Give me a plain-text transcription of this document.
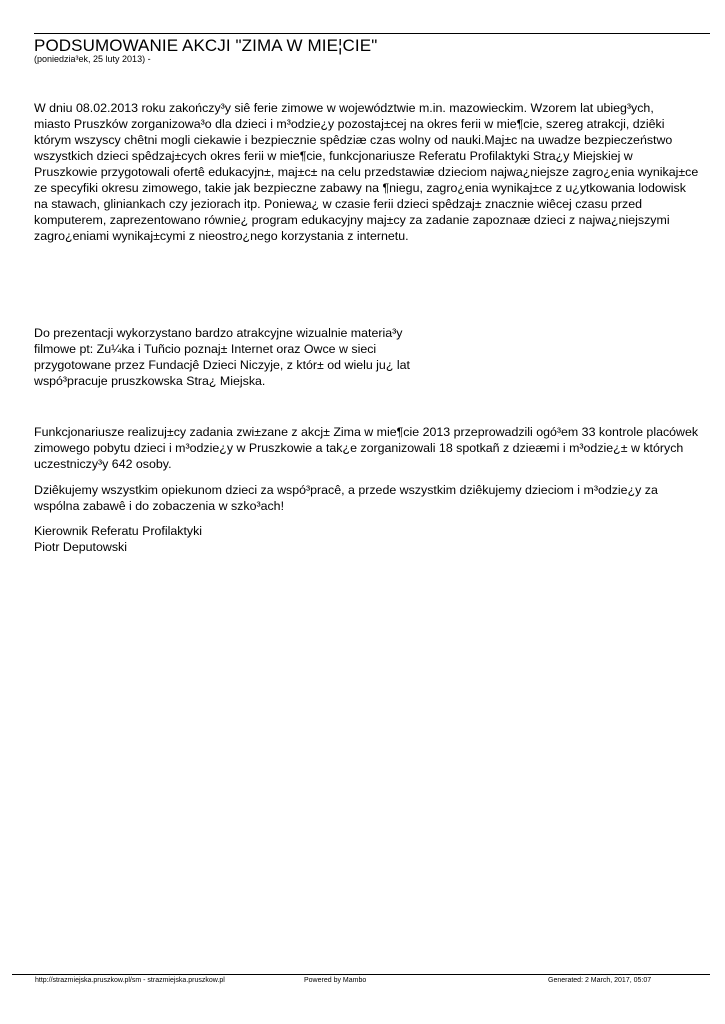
PODSUMOWANIE AKCJI "ZIMA W MIE¦CIE"
(poniedzia³ek, 25 luty 2013) -

W dniu 08.02.2013 roku zakończy³y siê ferie zimowe w województwie m.in. mazowieckim. Wzorem lat ubieg³ych,
miasto Pruszków zorganizowa³o dla dzieci i m³odzie¿y pozostaj±cej na okres ferii w mie¶cie, szereg atrakcji, dziêki
którym wszyscy chêtni mogli ciekawie i bezpiecznie spêdziæ czas wolny od nauki.Maj±c na uwadze bezpieczeństwo
wszystkich dzieci spêdzaj±cych okres ferii w mie¶cie, funkcjonariusze Referatu Profilaktyki Stra¿y Miejskiej w
Pruszkowie przygotowali ofertê edukacyjn±, maj±c± na celu przedstawiæ dzieciom najwa¿niejsze zagro¿enia wynikaj±ce
ze specyfiki okresu zimowego, takie jak bezpieczne zabawy na ¶niegu, zagro¿enia wynikaj±ce z u¿ytkowania lodowisk
na stawach, gliniankach czy jeziorach itp. Poniewa¿ w czasie ferii dzieci spêdzaj± znacznie wiêcej czasu przed
komputerem, zaprezentowano równie¿ program edukacyjny maj±cy za zadanie zapoznaæ dzieci z najwa¿niejszymi
zagro¿eniami wynikaj±cymi z nieostro¿nego korzystania z internetu.

Do prezentacji wykorzystano bardzo atrakcyjne wizualnie materia³y
filmowe pt: Zu¼ka i Tuñcio poznaj± Internet oraz Owce w sieci
przygotowane przez Fundacjê Dzieci Niczyje, z któr± od wielu ju¿ lat
wspó³pracuje pruszkowska Stra¿ Miejska.

Funkcjonariusze realizuj±cy zadania zwi±zane z akcj± Zima w mie¶cie 2013 przeprowadzili ogó³em 33 kontrole placówek
zimowego pobytu dzieci i m³odzie¿y w Pruszkowie a tak¿e zorganizowali 18 spotkañ z dzieæmi i m³odzie¿± w których
uczestniczy³y 642 osoby.

Dziêkujemy wszystkim opiekunom dzieci za wspó³pracê, a przede wszystkim dziêkujemy dzieciom i m³odzie¿y za
wspólna zabawê i do zobaczenia w szko³ach!

Kierownik Referatu Profilaktyki
Piotr Deputowski

http://strazmiejska.pruszkow.pl/sm - strazmiejska.pruszkow.pl	Powered by Mambo	Generated: 2 March, 2017, 05:07
